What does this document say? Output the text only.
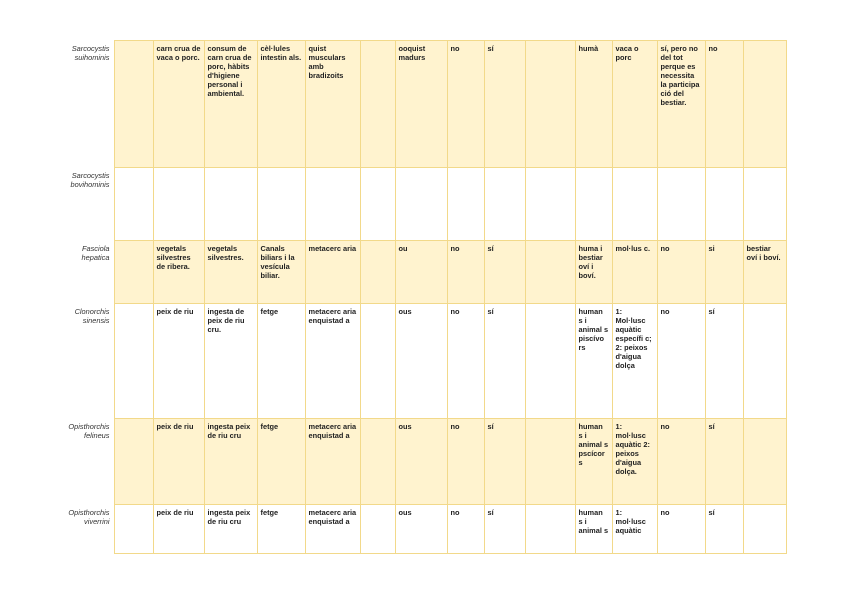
Sarcocystis
suihominis		carn crua de vaca o porc.	consum de carn crua de porc, hàbits d'higiene personal i ambiental.	cèl·lules intestin als.	quist musculars amb bradizoits		ooquist madurs	no	sí		humà	vaca o porc	sí, pero no del tot perque es necessita la participa ció del bestiar.	no	

Sarcocystis
bovihominis															

Fasciola
hepatica		vegetals silvestres de ribera.	vegetals silvestres.	Canals biliars i la vesícula biliar.	metacerc aria		ou	no	sí		huma i bestiar oví i boví.	mol·lus c.	no	si	bestiar oví i boví.

Clonorchis
sinensis		peix de riu	ingesta de peix de riu cru.	fetge	metacerc aria enquistad a		ous	no	sí		human s i animal s piscívo rs	1: Mol·lusc aquàtic específi c; 2: peixos d'aigua dolça	no	sí	

Opisthorchis
felineus		peix de riu	ingesta peix de riu cru	fetge	metacerc aria enquistad a		ous	no	sí		human s i animal s pscícor s	1: mol·lusc aquàtic 2: peixos d'aigua dolça.	no	sí	

Opisthorchis
viverrini		peix de riu	ingesta peix de riu cru	fetge	metacerc aria enquistad a		ous	no	sí		human s i animal s	1: mol·lusc aquàtic	no	sí	
